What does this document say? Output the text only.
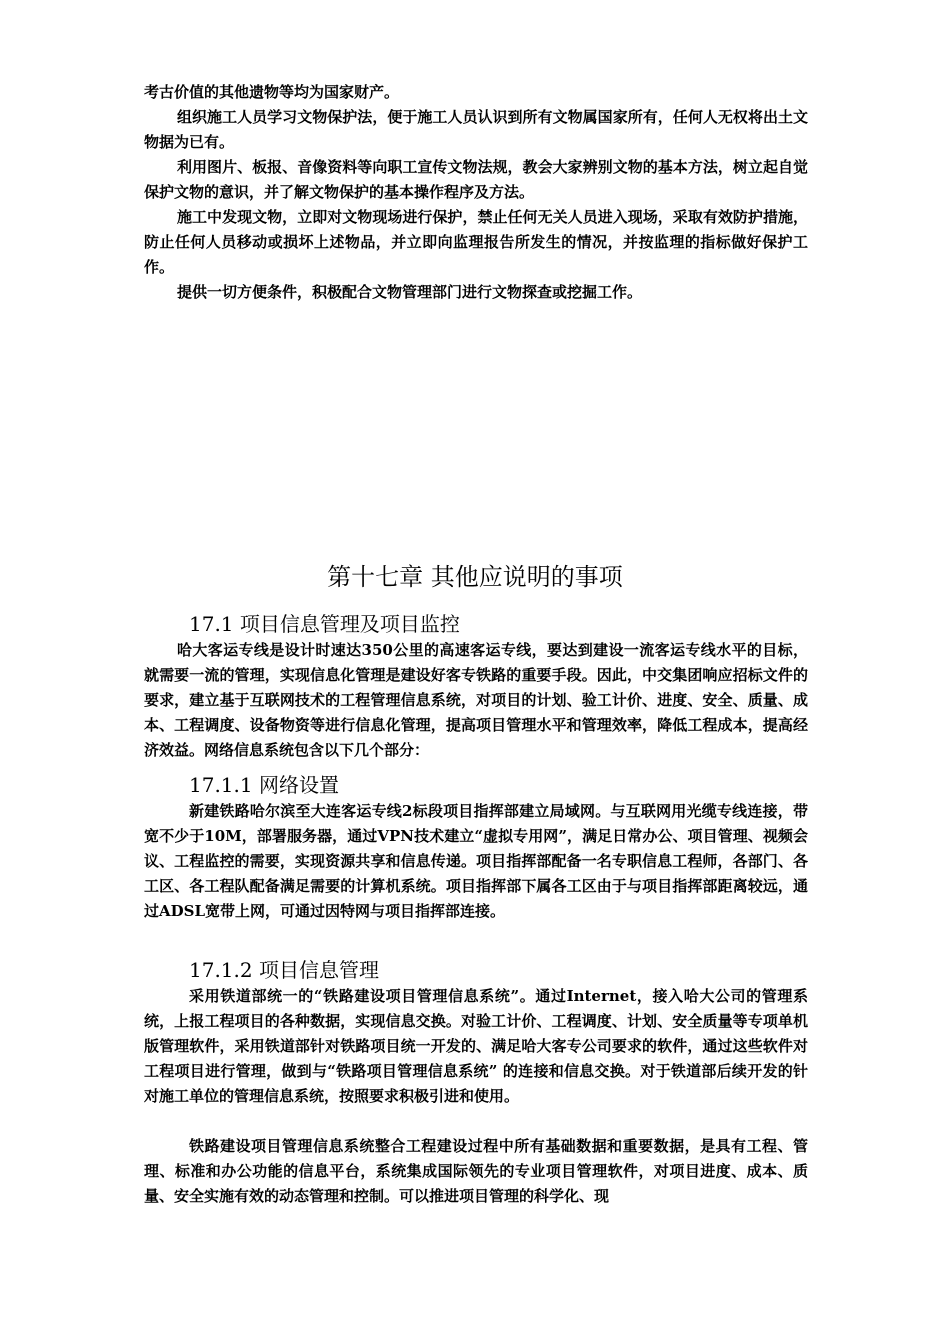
考古价值的其他遗物等均为国家财产。

组织施工人员学习文物保护法，便于施工人员认识到所有文物属国家所有，任何人无权将出土文物据为已有。

利用图片、板报、音像资料等向职工宣传文物法规，教会大家辨别文物的基本方法，树立起自觉保护文物的意识，并了解文物保护的基本操作程序及方法。

施工中发现文物，立即对文物现场进行保护，禁止任何无关人员进入现场，采取有效防护措施，防止任何人员移动或损坏上述物品，并立即向监理报告所发生的情况，并按监理的指标做好保护工作。

提供一切方便条件，积极配合文物管理部门进行文物探查或挖掘工作。

第十七章 其他应说明的事项
17.1 项目信息管理及项目监控

哈大客运专线是设计时速达350公里的高速客运专线，要达到建设一流客运专线水平的目标，就需要一流的管理，实现信息化管理是建设好客专铁路的重要手段。因此，中交集团响应招标文件的要求，建立基于互联网技术的工程管理信息系统，对项目的计划、验工计价、进度、安全、质量、成本、工程调度、设备物资等进行信息化管理，提高项目管理水平和管理效率，降低工程成本，提高经济效益。网络信息系统包含以下几个部分：

17.1.1 网络设置

新建铁路哈尔滨至大连客运专线2标段项目指挥部建立局域网。与互联网用光缆专线连接，带宽不少于10M，部署服务器，通过VPN技术建立“虚拟专用网”，满足日常办公、项目管理、视频会议、工程监控的需要，实现资源共享和信息传递。项目指挥部配备一名专职信息工程师，各部门、各工区、各工程队配备满足需要的计算机系统。项目指挥部下属各工区由于与项目指挥部距离较远，通过ADSL宽带上网，可通过因特网与项目指挥部连接。

17.1.2 项目信息管理

采用铁道部统一的“铁路建设项目管理信息系统”。通过Internet，接入哈大公司的管理系统，上报工程项目的各种数据，实现信息交换。对验工计价、工程调度、计划、安全质量等专项单机版管理软件，采用铁道部针对铁路项目统一开发的、满足哈大客专公司要求的软件，通过这些软件对工程项目进行管理，做到与“铁路项目管理信息系统” 的连接和信息交换。对于铁道部后续开发的针对施工单位的管理信息系统，按照要求积极引进和使用。

铁路建设项目管理信息系统整合工程建设过程中所有基础数据和重要数据，是具有工程、管理、标准和办公功能的信息平台，系统集成国际领先的专业项目管理软件，对项目进度、成本、质量、安全实施有效的动态管理和控制。可以推进项目管理的科学化、现
